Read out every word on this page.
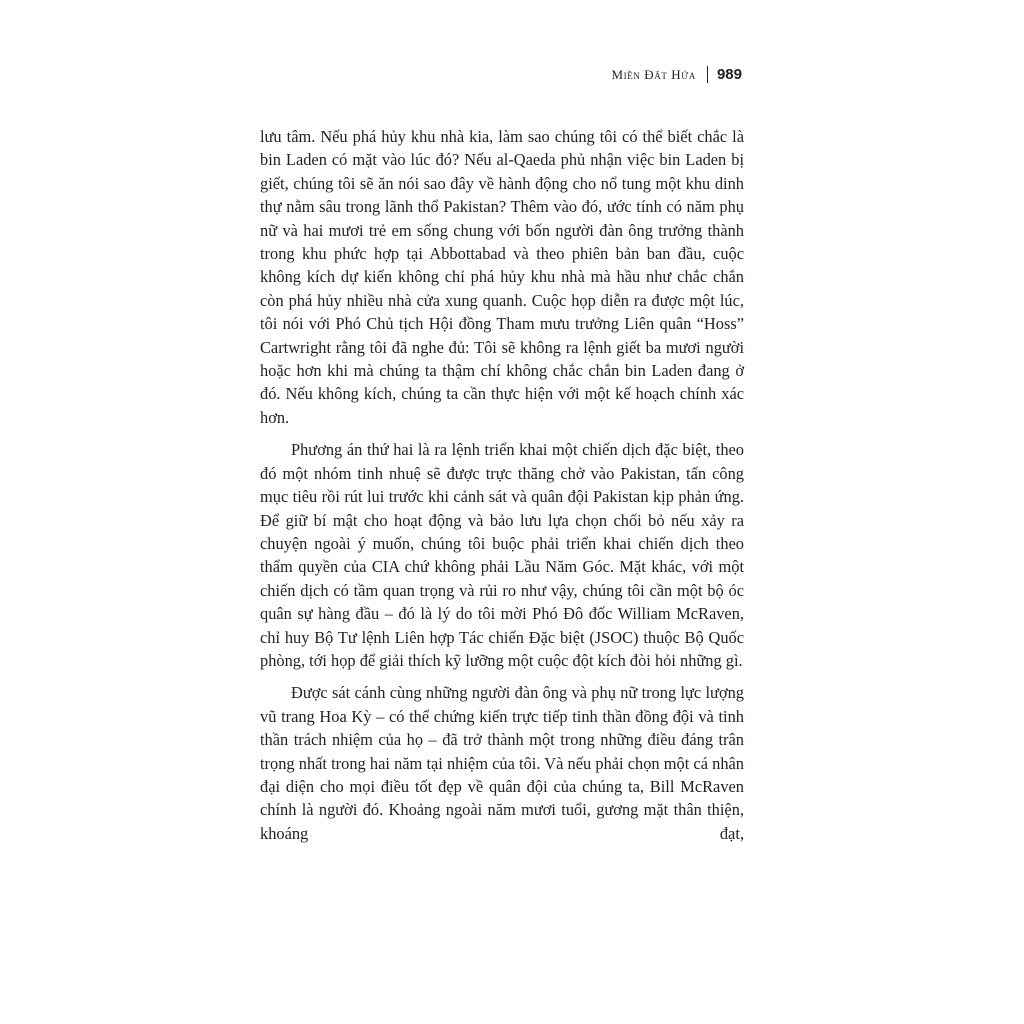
Miền Đất Hứa 989

lưu tâm. Nếu phá hủy khu nhà kia, làm sao chúng tôi có thể biết chắc là bin Laden có mặt vào lúc đó? Nếu al-Qaeda phủ nhận việc bin Laden bị giết, chúng tôi sẽ ăn nói sao đây về hành động cho nổ tung một khu dinh thự nằm sâu trong lãnh thổ Pakistan? Thêm vào đó, ước tính có năm phụ nữ và hai mươi trẻ em sống chung với bốn người đàn ông trưởng thành trong khu phức hợp tại Abbottabad và theo phiên bản ban đầu, cuộc không kích dự kiến không chỉ phá hủy khu nhà mà hầu như chắc chắn còn phá hủy nhiều nhà cửa xung quanh. Cuộc họp diễn ra được một lúc, tôi nói với Phó Chủ tịch Hội đồng Tham mưu trưởng Liên quân “Hoss” Cartwright rằng tôi đã nghe đủ: Tôi sẽ không ra lệnh giết ba mươi người hoặc hơn khi mà chúng ta thậm chí không chắc chắn bin Laden đang ở đó. Nếu không kích, chúng ta cần thực hiện với một kế hoạch chính xác hơn.

Phương án thứ hai là ra lệnh triển khai một chiến dịch đặc biệt, theo đó một nhóm tinh nhuệ sẽ được trực thăng chở vào Pakistan, tấn công mục tiêu rồi rút lui trước khi cảnh sát và quân đội Pakistan kịp phản ứng. Để giữ bí mật cho hoạt động và bảo lưu lựa chọn chối bỏ nếu xảy ra chuyện ngoài ý muốn, chúng tôi buộc phải triển khai chiến dịch theo thẩm quyền của CIA chứ không phải Lầu Năm Góc. Mặt khác, với một chiến dịch có tầm quan trọng và rủi ro như vậy, chúng tôi cần một bộ óc quân sự hàng đầu – đó là lý do tôi mời Phó Đô đốc William McRaven, chỉ huy Bộ Tư lệnh Liên hợp Tác chiến Đặc biệt (JSOC) thuộc Bộ Quốc phòng, tới họp để giải thích kỹ lưỡng một cuộc đột kích đòi hỏi những gì.

Được sát cánh cùng những người đàn ông và phụ nữ trong lực lượng vũ trang Hoa Kỳ – có thể chứng kiến trực tiếp tinh thần đồng đội và tinh thần trách nhiệm của họ – đã trở thành một trong những điều đáng trân trọng nhất trong hai năm tại nhiệm của tôi. Và nếu phải chọn một cá nhân đại diện cho mọi điều tốt đẹp về quân đội của chúng ta, Bill McRaven chính là người đó. Khoảng ngoài năm mươi tuổi, gương mặt thân thiện, khoáng đạt,
